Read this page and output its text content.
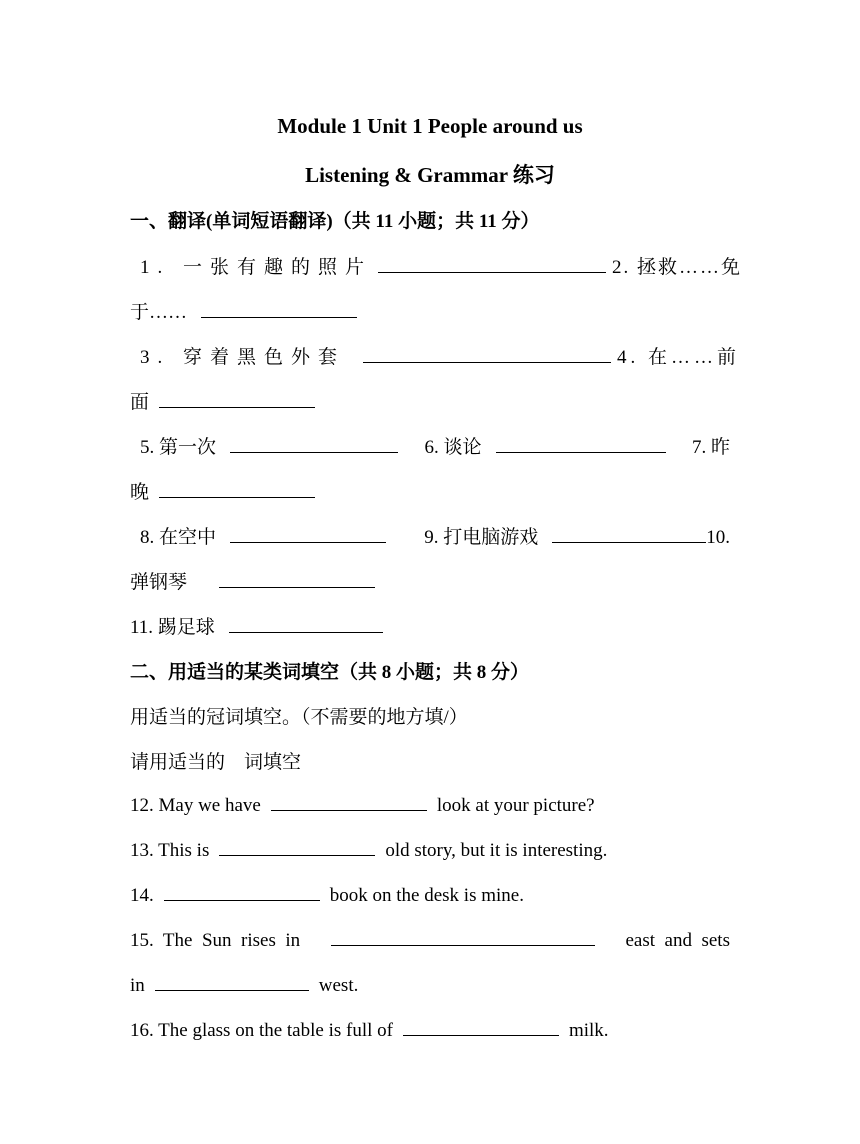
Module 1 Unit 1 People around us
Listening & Grammar 练习
一、翻译(单词短语翻译)（共 11 小题；共 11 分）
1. 一张有趣的照片	2. 拯救……免
于……
3. 穿着黑色外套	4. 在……前
面
5. 第一次	6. 谈论	7. 昨
晚
8. 在空中	9. 打电脑游戏	10.
弹钢琴
11. 踢足球
二、用适当的某类词填空（共 8 小题；共 8 分）
用适当的冠词填空。（不需要的地方填/）
请用适当的    词填空
12. May we have	look at your picture?
13. This is	old story, but it is interesting.
14.	book on the desk is mine.
15.  The  Sun  rises  in	east  and  sets
in	west.
16. The glass on the table is full of	milk.
